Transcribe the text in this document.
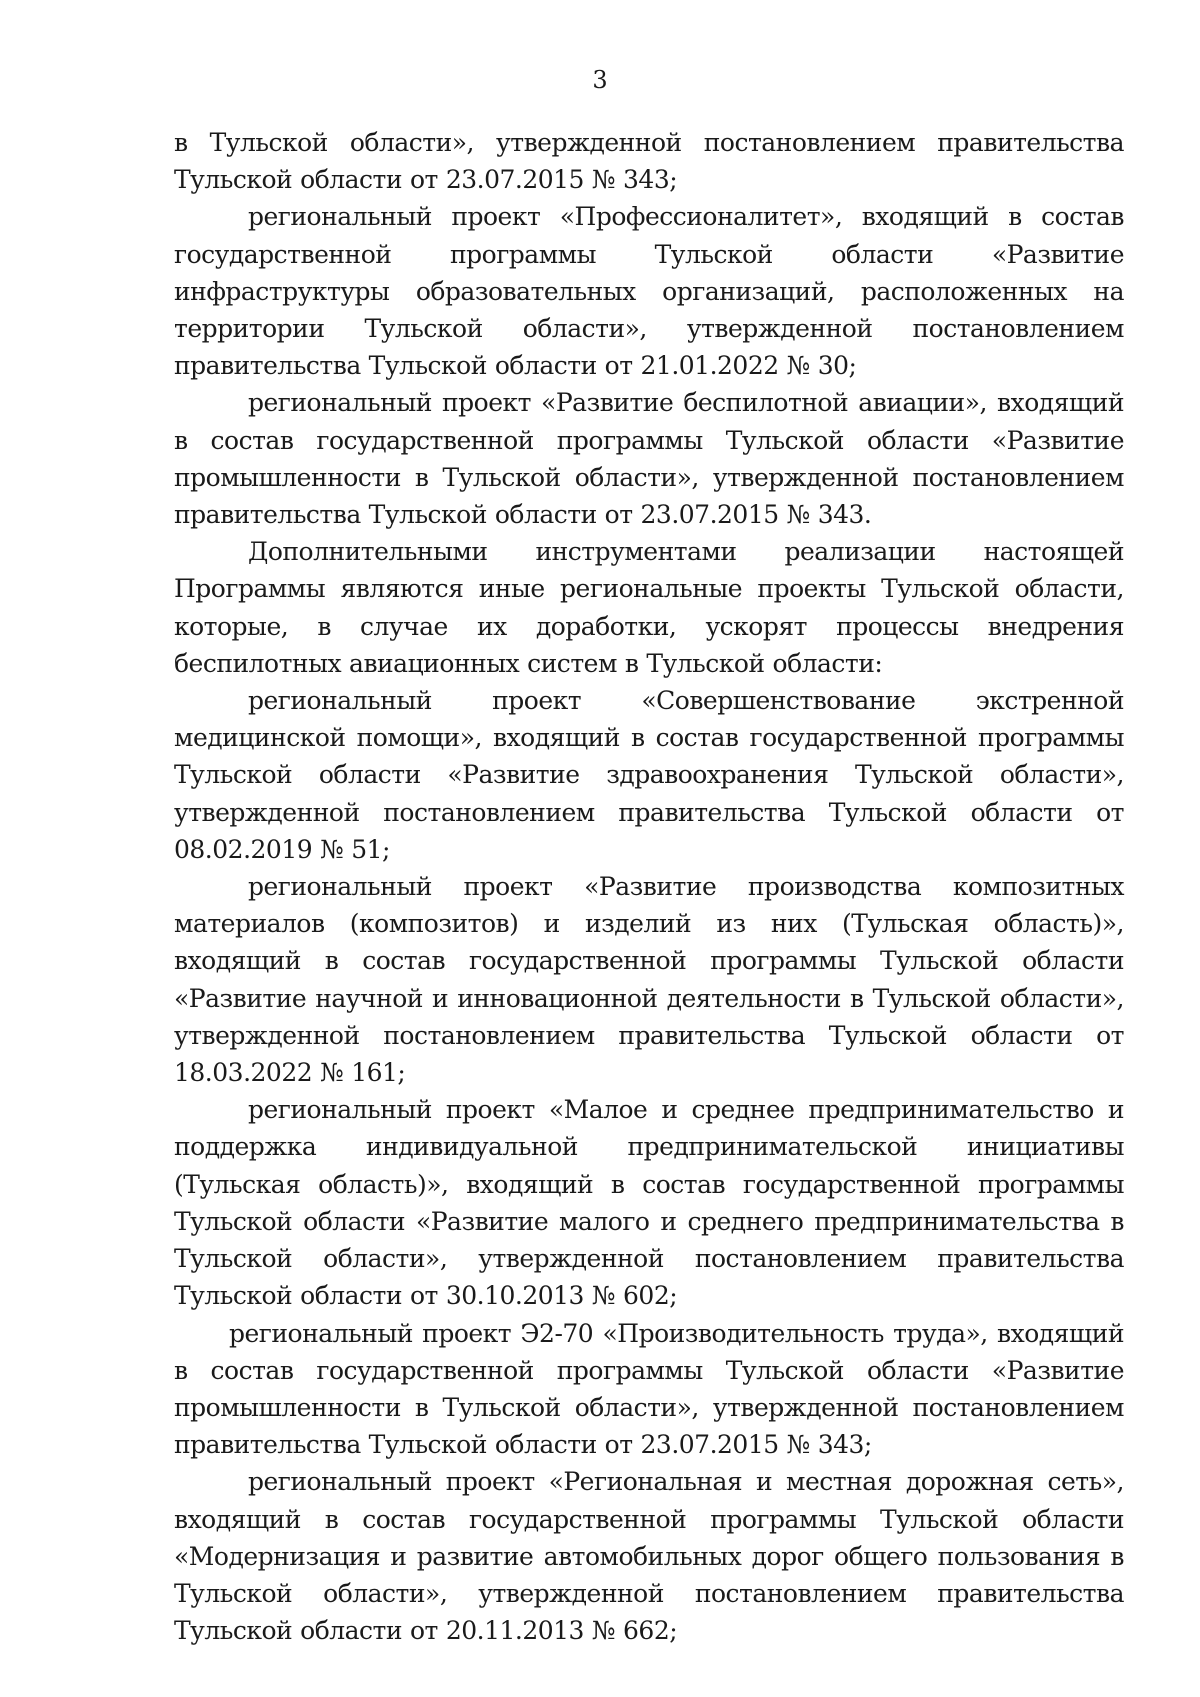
3

в Тульской области», утвержденной постановлением правительства Тульской области от 23.07.2015 № 343;

региональный проект «Профессионалитет», входящий в состав государственной программы Тульской области «Развитие инфраструктуры образовательных организаций, расположенных на территории Тульской области», утвержденной постановлением правительства Тульской области от 21.01.2022 № 30;

региональный проект «Развитие беспилотной авиации», входящий в состав государственной программы Тульской области «Развитие промышленности в Тульской области», утвержденной постановлением правительства Тульской области от 23.07.2015 № 343.

Дополнительными инструментами реализации настоящей Программы являются иные региональные проекты Тульской области, которые, в случае их доработки, ускорят процессы внедрения беспилотных авиационных систем в Тульской области:

региональный проект «Совершенствование экстренной медицинской помощи», входящий в состав государственной программы Тульской области «Развитие здравоохранения Тульской области», утвержденной постановлением правительства Тульской области от 08.02.2019 № 51;

региональный проект «Развитие производства композитных материалов (композитов) и изделий из них (Тульская область)», входящий в состав государственной программы Тульской области «Развитие научной и инновационной деятельности в Тульской области», утвержденной постановлением правительства Тульской области от 18.03.2022 № 161;

региональный проект «Малое и среднее предпринимательство и поддержка индивидуальной предпринимательской инициативы (Тульская область)», входящий в состав государственной программы Тульской области «Развитие малого и среднего предпринимательства в Тульской области», утвержденной постановлением правительства Тульской области от 30.10.2013 № 602;

региональный проект Э2-70 «Производительность труда», входящий в состав государственной программы Тульской области «Развитие промышленности в Тульской области», утвержденной постановлением правительства Тульской области от 23.07.2015 № 343;

региональный проект «Региональная и местная дорожная сеть», входящий в состав государственной программы Тульской области «Модернизация и развитие автомобильных дорог общего пользования в Тульской области», утвержденной постановлением правительства Тульской области от 20.11.2013 № 662;
